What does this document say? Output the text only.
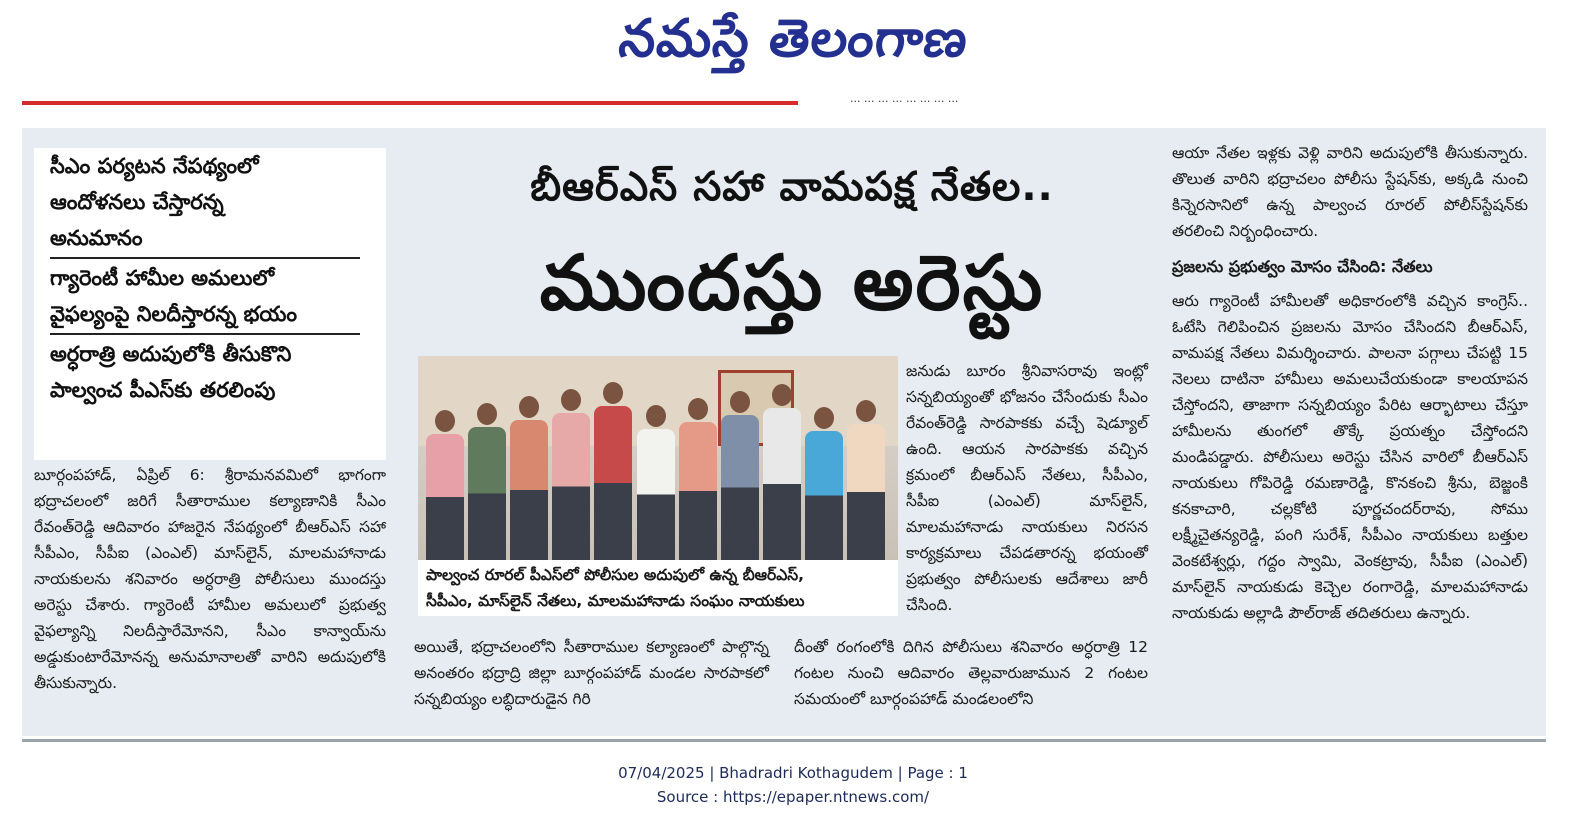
నమస్తే తెలంగాణ
... ... ... ... ... ... ... ...
సీఎం పర్యటన నేపథ్యంలో
ఆందోళనలు చేస్తారన్న
అనుమానం
గ్యారెంటీ హామీల అమలులో
వైఫల్యంపై నిలదీస్తారన్న భయం
అర్ధరాత్రి అదుపులోకి తీసుకొని
పాల్వంచ పీఎస్‌కు తరలింపు
బీఆర్ఎస్ సహా వామపక్ష నేతల..
ముందస్తు అరెస్టు

బూర్గంపహాడ్, ఏప్రిల్ 6: శ్రీరామనవమిలో భాగంగా భద్రాచలంలో జరిగే సీతారాముల కల్యాణానికి సీఎం రేవంత్‌రెడ్డి ఆదివారం హాజరైన నేపథ్యంలో బీఆర్ఎస్ సహా సీపీఎం, సీపీఐ (ఎంఎల్) మాస్‌లైన్, మాలమహానాడు నాయకులను శనివారం అర్ధరాత్రి పోలీసులు ముందస్తు అరెస్టు చేశారు. గ్యారెంటీ హామీల అమలులో ప్రభుత్వ వైఫల్యాన్ని నిలదీస్తారేమోనని, సీఎం కాన్వాయ్‌ను అడ్డుకుంటారేమోనన్న అనుమానాలతో వారిని అదుపులోకి తీసుకున్నారు.

పాల్వంచ రూరల్ పీఎస్‌లో పోలీసుల అదుపులో ఉన్న బీఆర్ఎస్,
సీపీఎం, మాస్‌లైన్ నేతలు, మాలమహానాడు సంఘం నాయకులు

అయితే, భద్రాచలంలోని సీతారాముల కల్యాణంలో పాల్గొన్న అనంతరం భద్రాద్రి జిల్లా బూర్గంపహాడ్ మండల సారపాకలో సన్నబియ్యం లబ్ధిదారుడైన గిరి

జనుడు బూరం శ్రీనివాసరావు ఇంట్లో సన్నబియ్యంతో భోజనం చేసేందుకు సీఎం రేవంత్‌రెడ్డి సారపాకకు వచ్చే షెడ్యూల్ ఉంది. ఆయన సారపాకకు వచ్చిన క్రమంలో బీఆర్ఎస్ నేతలు, సీపీఎం, సీపీఐ (ఎంఎల్) మాస్‌లైన్, మాలమహానాడు నాయకులు నిరసన కార్యక్రమాలు చేపడతారన్న భయంతో ప్రభుత్వం పోలీసులకు ఆదేశాలు జారీ చేసింది.

దీంతో రంగంలోకి దిగిన పోలీసులు శనివారం అర్ధరాత్రి 12 గంటల నుంచి ఆదివారం తెల్లవారుజామున 2 గంటల సమయంలో బూర్గంపహాడ్ మండలంలోని

ఆయా నేతల ఇళ్లకు వెళ్లి వారిని అదుపులోకి తీసుకున్నారు. తొలుత వారిని భద్రాచలం పోలీసు స్టేషన్‌కు, అక్కడి నుంచి కిన్నెరసానిలో ఉన్న పాల్వంచ రూరల్ పోలీస్‌స్టేషన్‌కు తరలించి నిర్బంధించారు.

ప్రజలను ప్రభుత్వం మోసం చేసింది: నేతలు

ఆరు గ్యారెంటీ హామీలతో అధికారంలోకి వచ్చిన కాంగ్రెస్.. ఓటేసి గెలిపించిన ప్రజలను మోసం చేసిందని బీఆర్ఎస్, వామపక్ష నేతలు విమర్శించారు. పాలనా పగ్గాలు చేపట్టి 15 నెలలు దాటినా హామీలు అమలుచేయకుండా కాలయాపన చేస్తోందని, తాజాగా సన్నబియ్యం పేరిట ఆర్భాటాలు చేస్తూ హామీలను తుంగలో తొక్కే ప్రయత్నం చేస్తోందని మండిపడ్డారు. పోలీసులు అరెస్టు చేసిన వారిలో బీఆర్ఎస్ నాయకులు గోపిరెడ్డి రమణారెడ్డి, కొనకంచి శ్రీను, బెజ్జంకి కనకాచారి, చల్లకోటి పూర్ణచందర్‌రావు, సోము లక్ష్మీచైతన్యరెడ్డి, పంగి సురేశ్, సీపీఎం నాయకులు బత్తుల వెంకటేశ్వర్లు, గద్దం స్వామి, వెంకట్రావు, సీపీఐ (ఎంఎల్) మాస్‌లైన్ నాయకుడు కెచ్చెల రంగారెడ్డి, మాలమహానాడు నాయకుడు అల్లాడి పౌల్‌రాజ్ తదితరులు ఉన్నారు.

07/04/2025 | Bhadradri Kothagudem | Page : 1
Source : https://epaper.ntnews.com/
